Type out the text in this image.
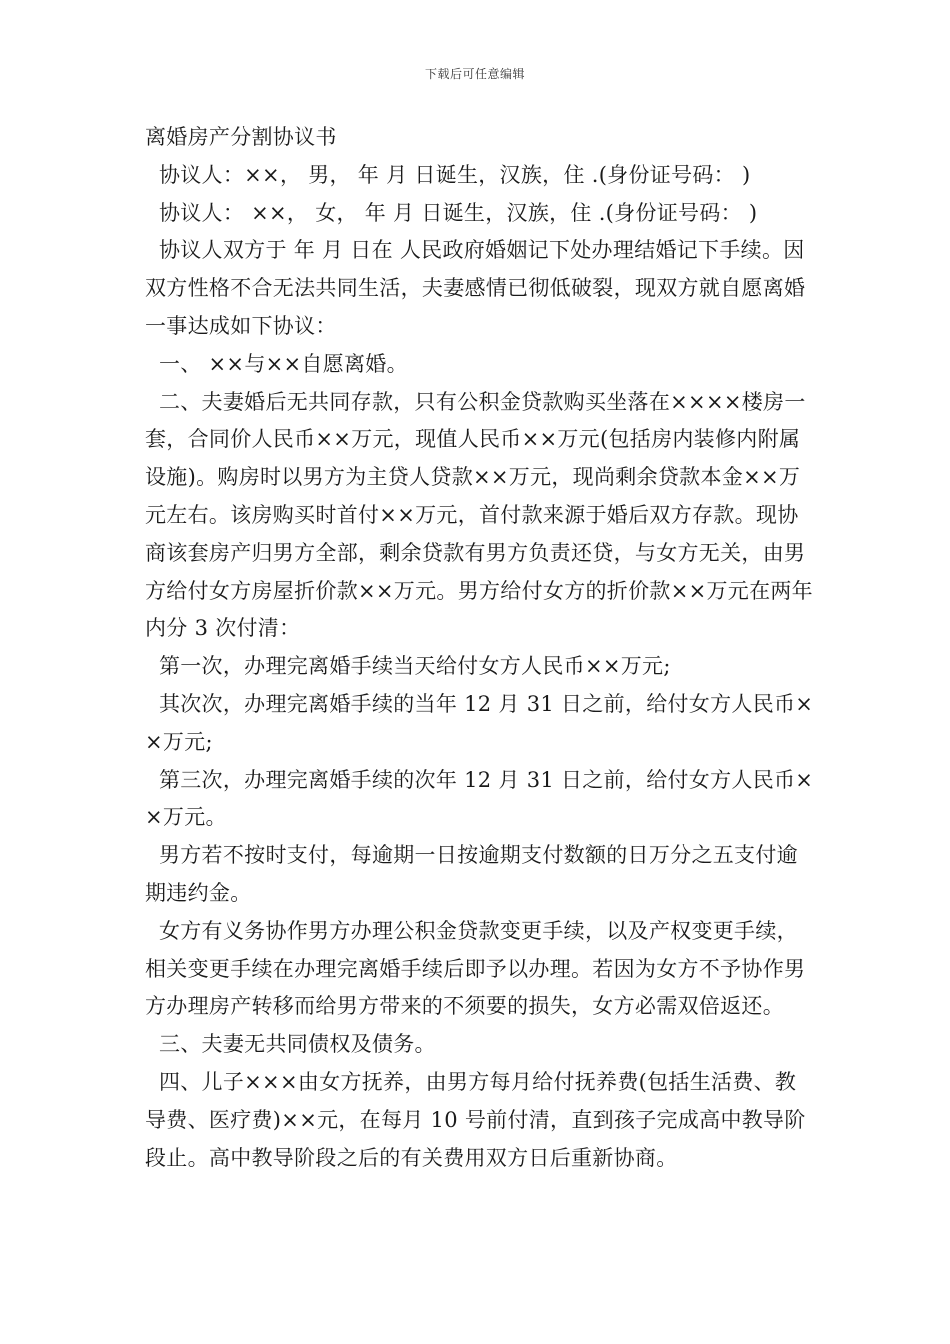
下载后可任意编辑

离婚房产分割协议书

协议人：××， 男， 年 月 日诞生，汉族，住 .(身份证号码： )

协议人： ××， 女， 年 月 日诞生，汉族，住 .(身份证号码： )

协议人双方于 年 月 日在 人民政府婚姻记下处办理结婚记下手续。因双方性格不合无法共同生活，夫妻感情已彻低破裂，现双方就自愿离婚一事达成如下协议：

一、 ××与××自愿离婚。

二、夫妻婚后无共同存款，只有公积金贷款购买坐落在××××楼房一套，合同价人民币××万元，现值人民币××万元(包括房内装修内附属设施)。购房时以男方为主贷人贷款××万元，现尚剩余贷款本金××万元左右。该房购买时首付××万元，首付款来源于婚后双方存款。现协商该套房产归男方全部，剩余贷款有男方负责还贷，与女方无关，由男方给付女方房屋折价款××万元。男方给付女方的折价款××万元在两年内分 3 次付清：

第一次，办理完离婚手续当天给付女方人民币××万元;

其次次，办理完离婚手续的当年 12 月 31 日之前，给付女方人民币××万元;

第三次，办理完离婚手续的次年 12 月 31 日之前，给付女方人民币××万元。

男方若不按时支付，每逾期一日按逾期支付数额的日万分之五支付逾期违约金。

女方有义务协作男方办理公积金贷款变更手续，以及产权变更手续，相关变更手续在办理完离婚手续后即予以办理。若因为女方不予协作男方办理房产转移而给男方带来的不须要的损失，女方必需双倍返还。

三、夫妻无共同债权及债务。

四、儿子×××由女方抚养，由男方每月给付抚养费(包括生活费、教导费、医疗费)××元，在每月 10 号前付清，直到孩子完成高中教导阶段止。高中教导阶段之后的有关费用双方日后重新协商。
